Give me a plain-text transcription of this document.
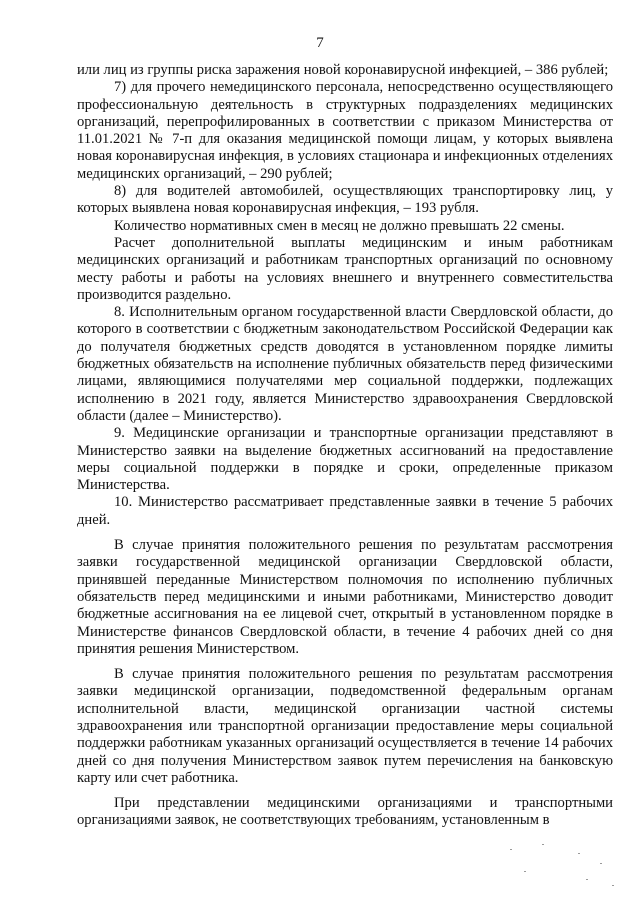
7

или лиц из группы риска заражения новой коронавирусной инфекцией, – 386 рублей;

7) для прочего немедицинского персонала, непосредственно осуществляющего профессиональную деятельность в структурных подразделениях медицинских организаций, перепрофилированных в соответствии с приказом Министерства от 11.01.2021 № 7-п для оказания медицинской помощи лицам, у которых выявлена новая коронавирусная инфекция, в условиях стационара и инфекционных отделениях медицинских организаций, – 290 рублей;

8) для водителей автомобилей, осуществляющих транспортировку лиц, у которых выявлена новая коронавирусная инфекция, – 193 рубля.

Количество нормативных смен в месяц не должно превышать 22 смены.

Расчет дополнительной выплаты медицинским и иным работникам медицинских организаций и работникам транспортных организаций по основному месту работы и работы на условиях внешнего и внутреннего совместительства производится раздельно.

8. Исполнительным органом государственной власти Свердловской области, до которого в соответствии с бюджетным законодательством Российской Федерации как до получателя бюджетных средств доводятся в установленном порядке лимиты бюджетных обязательств на исполнение публичных обязательств перед физическими лицами, являющимися получателями мер социальной поддержки, подлежащих исполнению в 2021 году, является Министерство здравоохранения Свердловской области (далее – Министерство).

9. Медицинские организации и транспортные организации представляют в Министерство заявки на выделение бюджетных ассигнований на предоставление меры социальной поддержки в порядке и сроки, определенные приказом Министерства.

10. Министерство рассматривает представленные заявки в течение 5 рабочих дней.

В случае принятия положительного решения по результатам рассмотрения заявки государственной медицинской организации Свердловской области, принявшей переданные Министерством полномочия по исполнению публичных обязательств перед медицинскими и иными работниками, Министерство доводит бюджетные ассигнования на ее лицевой счет, открытый в установленном порядке в Министерстве финансов Свердловской области, в течение 4 рабочих дней со дня принятия решения Министерством.

В случае принятия положительного решения по результатам рассмотрения заявки медицинской организации, подведомственной федеральным органам исполнительной власти, медицинской организации частной системы здравоохранения или транспортной организации предоставление меры социальной поддержки работникам указанных организаций осуществляется в течение 14 рабочих дней со дня получения Министерством заявок путем перечисления на банковскую карту или счет работника.

При представлении медицинскими организациями и транспортными организациями заявок, не соответствующих требованиям, установленным в
